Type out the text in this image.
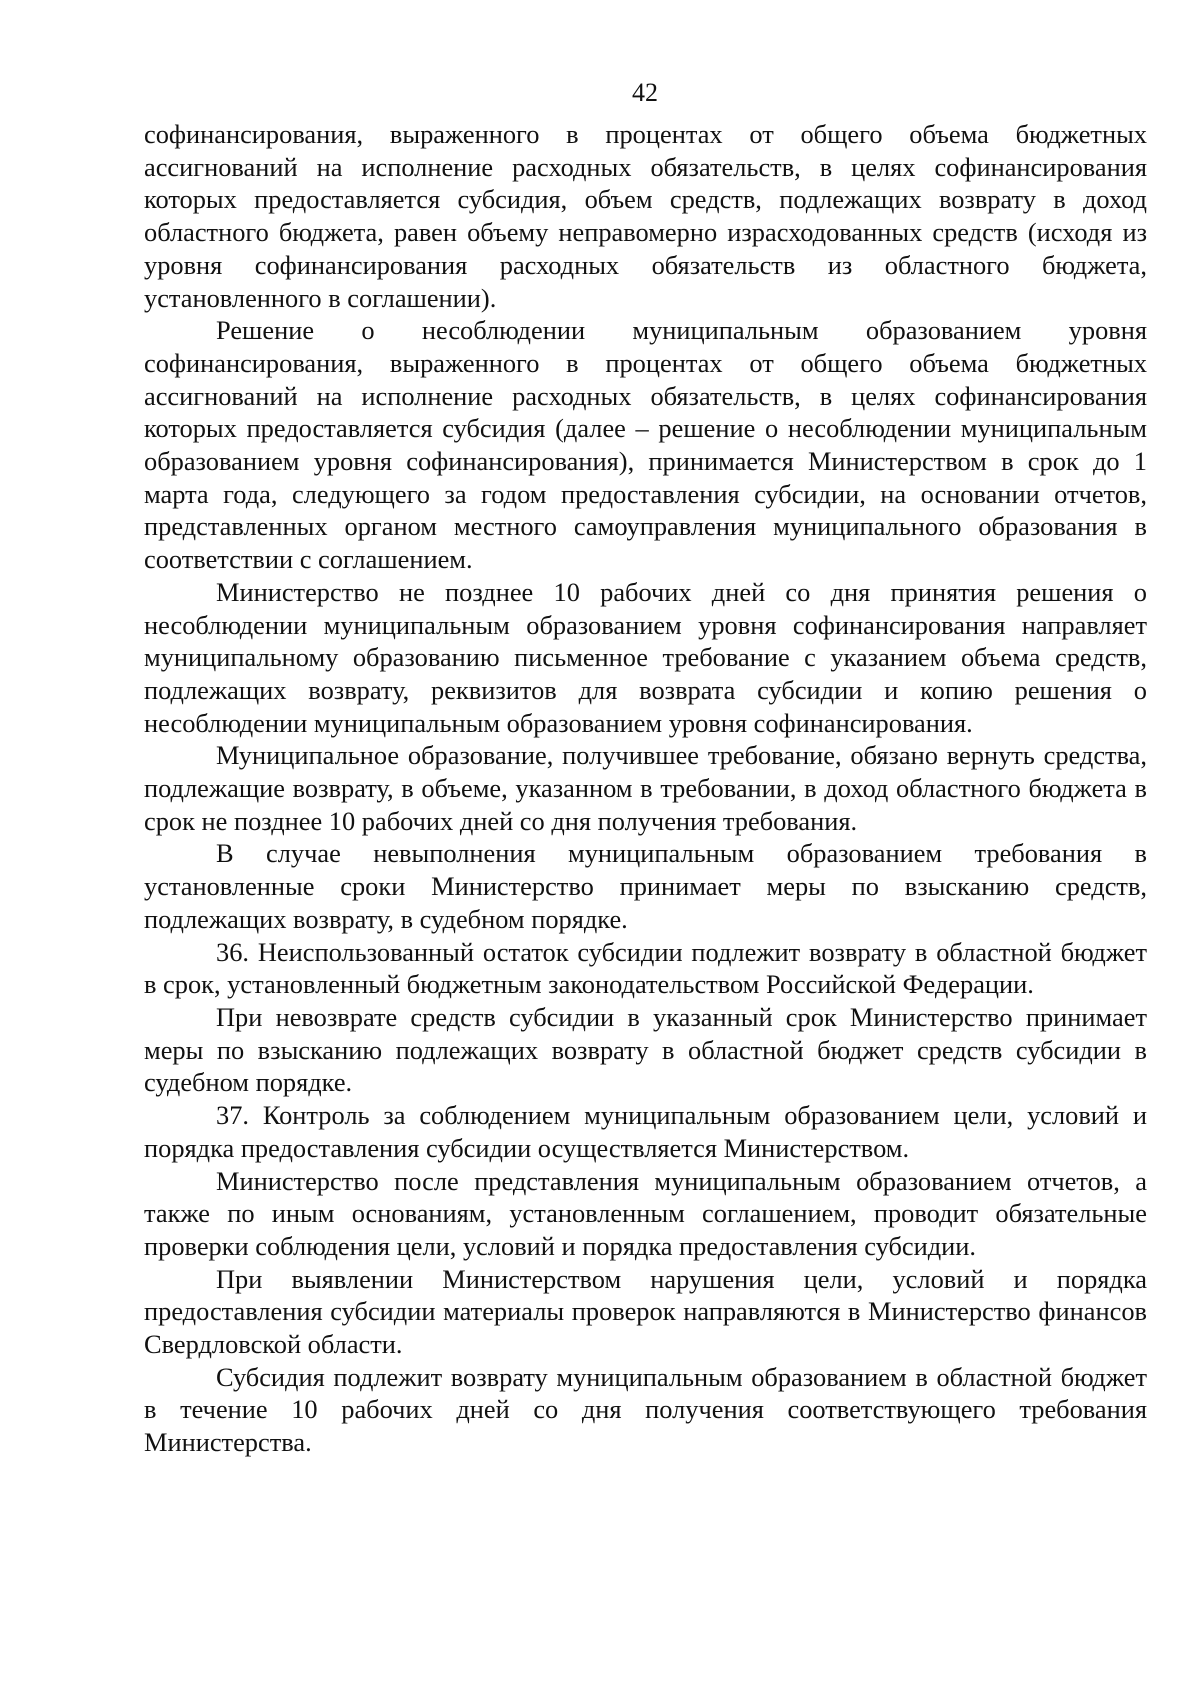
42

софинансирования, выраженного в процентах от общего объема бюджетных ассигнований на исполнение расходных обязательств, в целях софинансирования которых предоставляется субсидия, объем средств, подлежащих возврату в доход областного бюджета, равен объему неправомерно израсходованных средств (исходя из уровня софинансирования расходных обязательств из областного бюджета, установленного в соглашении).

Решение о несоблюдении муниципальным образованием уровня софинансирования, выраженного в процентах от общего объема бюджетных ассигнований на исполнение расходных обязательств, в целях софинансирования которых предоставляется субсидия (далее – решение о несоблюдении муниципальным образованием уровня софинансирования), принимается Министерством в срок до 1 марта года, следующего за годом предоставления субсидии, на основании отчетов, представленных органом местного самоуправления муниципального образования в соответствии с соглашением.

Министерство не позднее 10 рабочих дней со дня принятия решения о несоблюдении муниципальным образованием уровня софинансирования направляет муниципальному образованию письменное требование с указанием объема средств, подлежащих возврату, реквизитов для возврата субсидии и копию решения о несоблюдении муниципальным образованием уровня софинансирования.

Муниципальное образование, получившее требование, обязано вернуть средства, подлежащие возврату, в объеме, указанном в требовании, в доход областного бюджета в срок не позднее 10 рабочих дней со дня получения требования.

В случае невыполнения муниципальным образованием требования в установленные сроки Министерство принимает меры по взысканию средств, подлежащих возврату, в судебном порядке.

36. Неиспользованный остаток субсидии подлежит возврату в областной бюджет в срок, установленный бюджетным законодательством Российской Федерации.

При невозврате средств субсидии в указанный срок Министерство принимает меры по взысканию подлежащих возврату в областной бюджет средств субсидии в судебном порядке.

37. Контроль за соблюдением муниципальным образованием цели, условий и порядка предоставления субсидии осуществляется Министерством.

Министерство после представления муниципальным образованием отчетов, а также по иным основаниям, установленным соглашением, проводит обязательные проверки соблюдения цели, условий и порядка предоставления субсидии.

При выявлении Министерством нарушения цели, условий и порядка предоставления субсидии материалы проверок направляются в Министерство финансов Свердловской области.

Субсидия подлежит возврату муниципальным образованием в областной бюджет в течение 10 рабочих дней со дня получения соответствующего требования Министерства.
